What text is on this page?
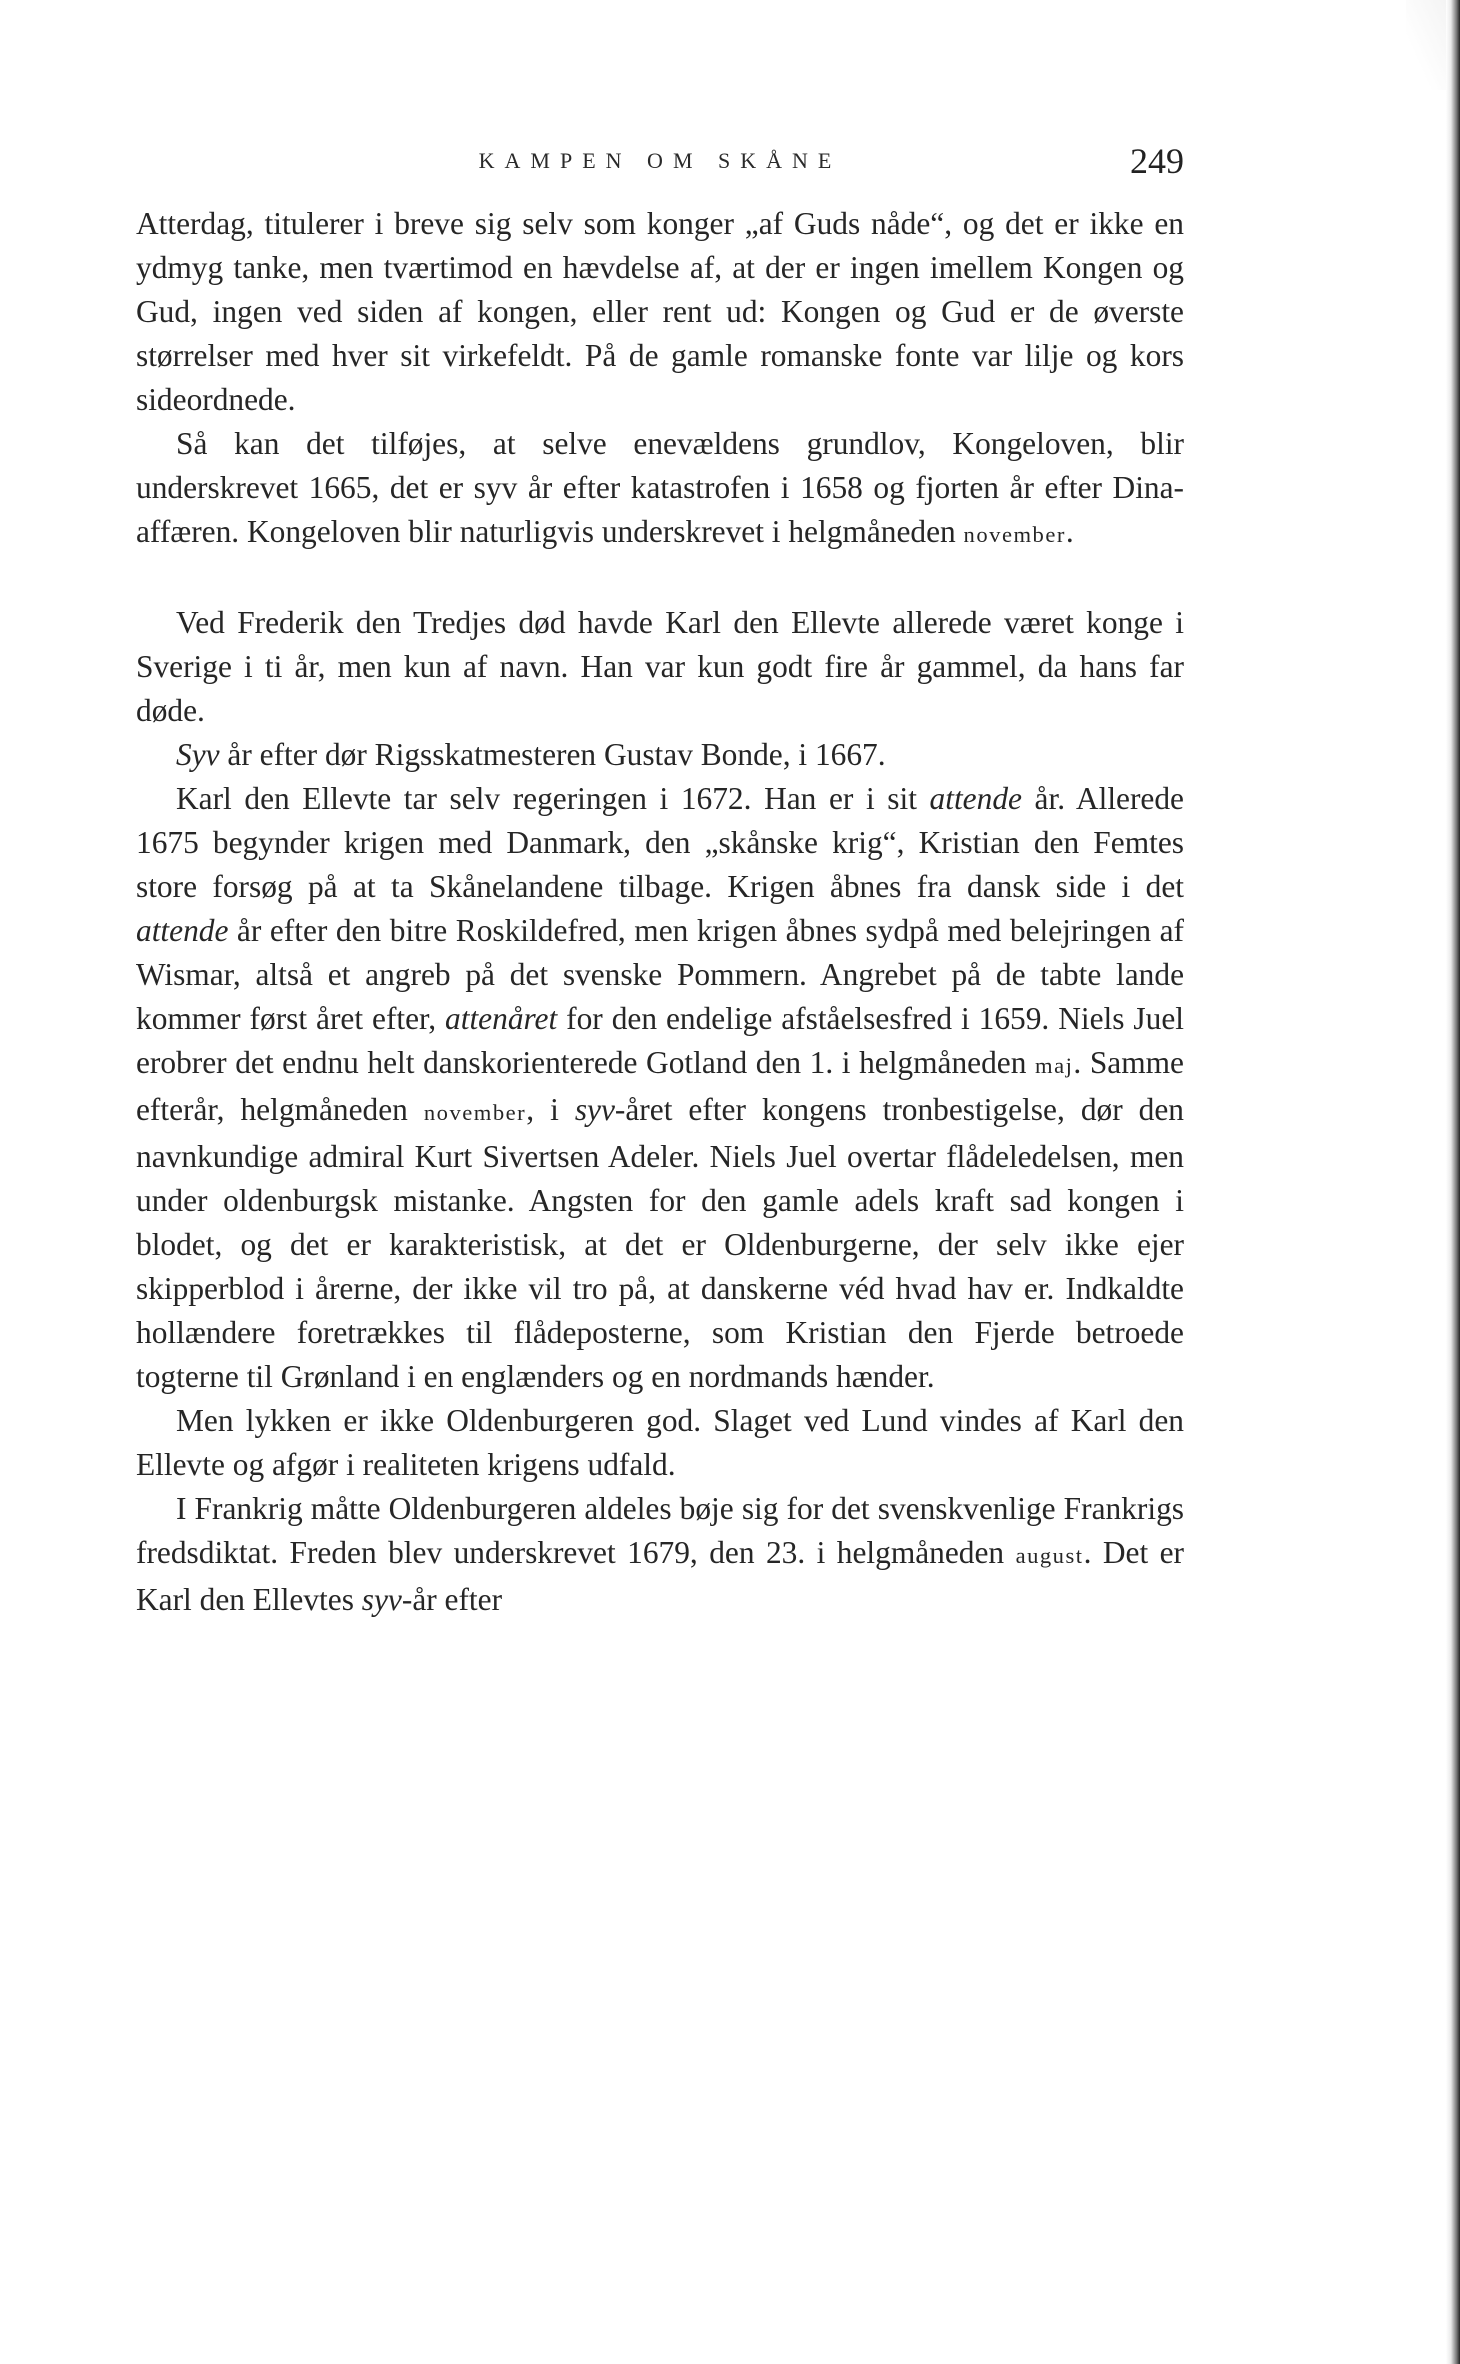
KAMPEN OM SKÅNE	249

Atterdag, titulerer i breve sig selv som konger „af Guds nåde“, og det er ikke en ydmyg tanke, men tværtimod en hævdelse af, at der er ingen imellem Kongen og Gud, ingen ved siden af kongen, eller rent ud: Kongen og Gud er de øverste størrelser med hver sit virkefeldt. På de gamle romanske fonte var lilje og kors sideordnede.

Så kan det tilføjes, at selve enevældens grundlov, Kongeloven, blir underskrevet 1665, det er syv år efter katastrofen i 1658 og fjorten år efter Dina-affæren. Kongeloven blir naturligvis underskrevet i helgmåneden november.

Ved Frederik den Tredjes død havde Karl den Ellevte allerede været konge i Sverige i ti år, men kun af navn. Han var kun godt fire år gammel, da hans far døde.

Syv år efter dør Rigsskatmesteren Gustav Bonde, i 1667.

Karl den Ellevte tar selv regeringen i 1672. Han er i sit attende år. Allerede 1675 begynder krigen med Danmark, den „skånske krig“, Kristian den Femtes store forsøg på at ta Skånelandene tilbage. Krigen åbnes fra dansk side i det attende år efter den bitre Roskildefred, men krigen åbnes sydpå med belejringen af Wismar, altså et angreb på det svenske Pommern. Angrebet på de tabte lande kommer først året efter, attenåret for den endelige afståelsesfred i 1659. Niels Juel erobrer det endnu helt danskorienterede Gotland den 1. i helgmåneden maj. Samme efterår, helgmåneden november, i syv-året efter kongens tronbestigelse, dør den navnkundige admiral Kurt Sivertsen Adeler. Niels Juel overtar flådeledelsen, men under oldenburgsk mistanke. Angsten for den gamle adels kraft sad kongen i blodet, og det er karakteristisk, at det er Oldenburgerne, der selv ikke ejer skipperblod i årerne, der ikke vil tro på, at danskerne véd hvad hav er. Indkaldte hollænderе foretrækkes til flådeposterne, som Kristian den Fjerde betroede togterne til Grønland i en englænders og en nordmands hænder.

Men lykken er ikke Oldenburgeren god. Slaget ved Lund vindes af Karl den Ellevte og afgør i realiteten krigens udfald.

I Frankrig måtte Oldenburgeren aldeles bøje sig for det svenskvenlige Frankrigs fredsdiktat. Freden blev underskrevet 1679, den 23. i helgmåneden august. Det er Karl den Ellevtes syv-år efter
